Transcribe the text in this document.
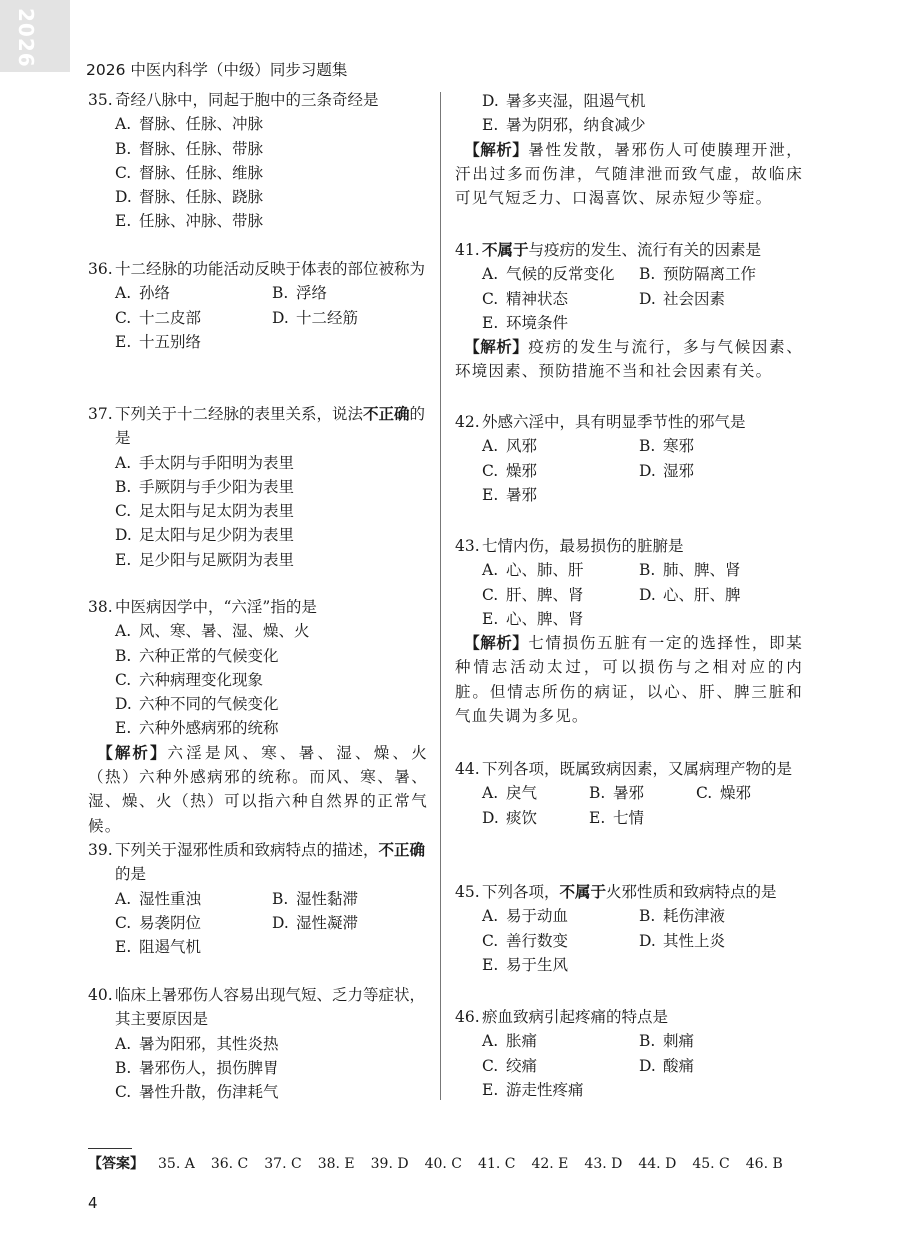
2026
2026 中医内科学（中级）同步习题集
35. 奇经八脉中，同起于胞中的三条奇经是
A. 督脉、任脉、冲脉
B. 督脉、任脉、带脉
C. 督脉、任脉、维脉
D. 督脉、任脉、跷脉
E. 任脉、冲脉、带脉
36. 十二经脉的功能活动反映于体表的部位被称为
A. 孙络	B. 浮络
C. 十二皮部	D. 十二经筋
E. 十五别络
37. 下列关于十二经脉的表里关系，说法不正确的是
A. 手太阴与手阳明为表里
B. 手厥阴与手少阳为表里
C. 足太阳与足太阴为表里
D. 足太阳与足少阴为表里
E. 足少阳与足厥阴为表里
38. 中医病因学中，“六淫”指的是
A. 风、寒、暑、湿、燥、火
B. 六种正常的气候变化
C. 六种病理变化现象
D. 六种不同的气候变化
E. 六种外感病邪的统称
【解析】六淫是风、寒、暑、湿、燥、火（热）六种外感病邪的统称。而风、寒、暑、湿、燥、火（热）可以指六种自然界的正常气候。
39. 下列关于湿邪性质和致病特点的描述，不正确的是
A. 湿性重浊	B. 湿性黏滞
C. 易袭阴位	D. 湿性凝滞
E. 阻遏气机
40. 临床上暑邪伤人容易出现气短、乏力等症状，其主要原因是
A. 暑为阳邪，其性炎热
B. 暑邪伤人，损伤脾胃
C. 暑性升散，伤津耗气
D. 暑多夹湿，阻遏气机
E. 暑为阴邪，纳食减少
【解析】暑性发散，暑邪伤人可使腠理开泄，汗出过多而伤津，气随津泄而致气虚，故临床可见气短乏力、口渴喜饮、尿赤短少等症。
41. 不属于与疫疠的发生、流行有关的因素是
A. 气候的反常变化	B. 预防隔离工作
C. 精神状态	D. 社会因素
E. 环境条件
【解析】疫疠的发生与流行，多与气候因素、环境因素、预防措施不当和社会因素有关。
42. 外感六淫中，具有明显季节性的邪气是
A. 风邪	B. 寒邪
C. 燥邪	D. 湿邪
E. 暑邪
43. 七情内伤，最易损伤的脏腑是
A. 心、肺、肝	B. 肺、脾、肾
C. 肝、脾、肾	D. 心、肝、脾
E. 心、脾、肾
【解析】七情损伤五脏有一定的选择性，即某种情志活动太过，可以损伤与之相对应的内脏。但情志所伤的病证，以心、肝、脾三脏和气血失调为多见。
44. 下列各项，既属致病因素，又属病理产物的是
A. 戾气	B. 暑邪	C. 燥邪
D. 痰饮	E. 七情
45. 下列各项，不属于火邪性质和致病特点的是
A. 易于动血	B. 耗伤津液
C. 善行数变	D. 其性上炎
E. 易于生风
46. 瘀血致病引起疼痛的特点是
A. 胀痛	B. 刺痛
C. 绞痛	D. 酸痛
E. 游走性疼痛
【答案】 35. A 36. C 37. C 38. E 39. D 40. C 41. C 42. E 43. D 44. D 45. C 46. B
4
